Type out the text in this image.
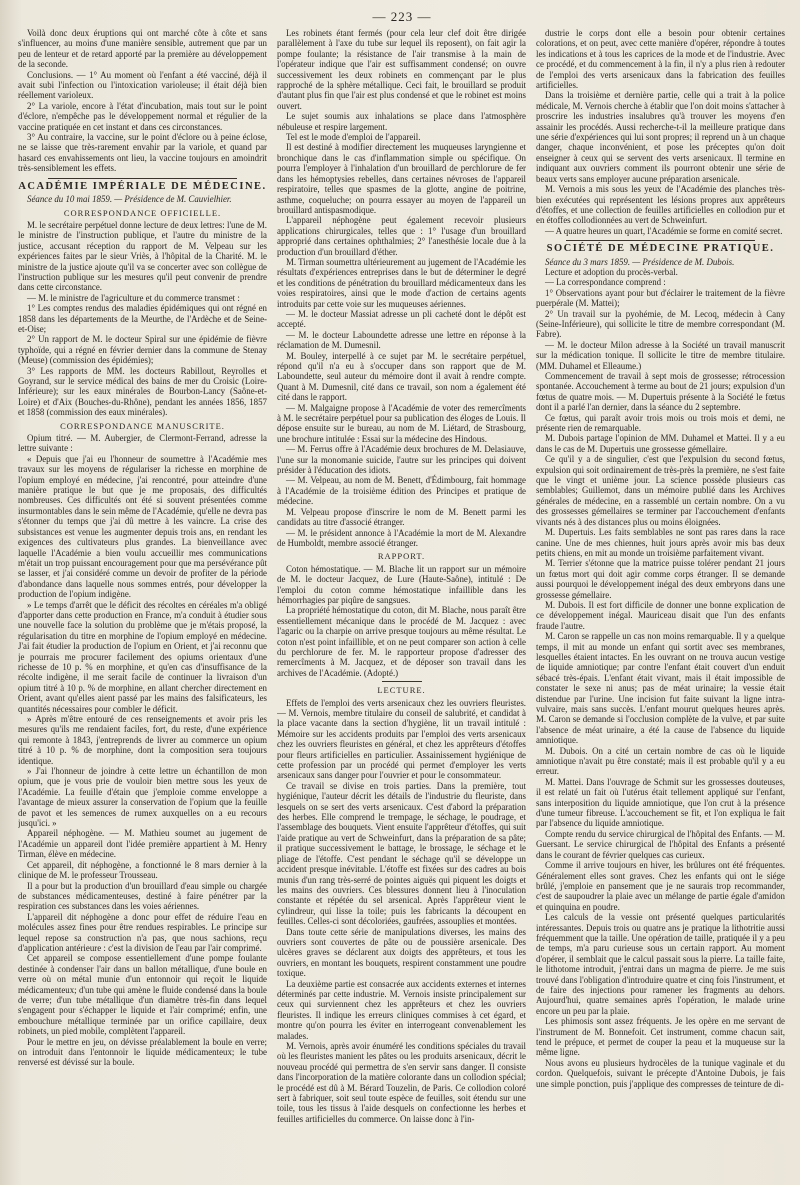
— 223 —

Voilà donc deux éruptions qui ont marché côte à côte et sans s'influencer, au moins d'une manière sensible, autrement que par un peu de lenteur et de retard apporté par la première au développement de la seconde.

Conclusions. — 1° Au moment où l'enfant a été vacciné, déjà il avait subi l'infection ou l'intoxication varioleuse; il était déjà bien réellement varioleux.

2° La variole, encore à l'état d'incubation, mais tout sur le point d'éclore, n'empêche pas le développement normal et régulier de la vaccine pratiquée en cet instant et dans ces circonstances.

3° Au contraire, la vaccine, sur le point d'éclore ou à peine éclose, ne se laisse que très-rarement envahir par la variole, et quand par hasard ces envahissements ont lieu, la vaccine toujours en amoindrit très-sensiblement les effets.

ACADÉMIE IMPÉRIALE DE MÉDECINE.

Séance du 10 mai 1859. — Présidence de M. Cauvielhier.

CORRESPONDANCE OFFICIELLE.

M. le secrétaire perpétuel donne lecture de deux lettres: l'une de M. le ministre de l'instruction publique, et l'autre du ministre de la justice, accusant réception du rapport de M. Velpeau sur les expériences faites par le sieur Vriès, à l'hôpital de la Charité. M. le ministre de la justice ajoute qu'il va se concerter avec son collègue de l'instruction publique sur les mesures qu'il peut convenir de prendre dans cette circonstance.

— M. le ministre de l'agriculture et du commerce transmet :

1° Les comptes rendus des maladies épidémiques qui ont régné en 1858 dans les départements de la Meurthe, de l'Ardèche et de Seine-et-Oise;

2° Un rapport de M. le docteur Spiral sur une épidémie de fièvre typhoïde, qui a régné en février dernier dans la commune de Stenay (Meuse) (commission des épidémies);

3° Les rapports de MM. les docteurs Rabillout, Reyrolles et Goyrand, sur le service médical des bains de mer du Croisic (Loire-Inférieure); sur les eaux minérales de Bourbon-Lancy (Saône-et-Loire) et d'Aix (Bouches-du-Rhône), pendant les années 1856, 1857 et 1858 (commission des eaux minérales).

CORRESPONDANCE MANUSCRITE.

Opium titré. — M. Aubergier, de Clermont-Ferrand, adresse la lettre suivante :

« Depuis que j'ai eu l'honneur de soumettre à l'Académie mes travaux sur les moyens de régulariser la richesse en morphine de l'opium employé en médecine, j'ai rencontré, pour atteindre d'une manière pratique le but que je me proposais, des difficultés nombreuses. Ces difficultés ont été si souvent présentées comme insurmontables dans le sein même de l'Académie, qu'elle ne devra pas s'étonner du temps que j'ai dû mettre à les vaincre. La crise des subsistances est venue les augmenter depuis trois ans, en rendant les exigences des cultivateurs plus grandes. La bienveillance avec laquelle l'Académie a bien voulu accueillir mes communications m'était un trop puissant encouragement pour que ma persévérance pût se lasser, et j'ai considéré comme un devoir de profiter de la période d'abondance dans laquelle nous sommes entrés, pour développer la production de l'opium indigène.

» Le temps d'arrêt que le déficit des récoltes en céréales m'a obligé d'apporter dans cette production en France, m'a conduit à étudier sous une nouvelle face la solution du problème que je m'étais proposé, la régularisation du titre en morphine de l'opium employé en médecine. J'ai fait étudier la production de l'opium en Orient, et j'ai reconnu que je pourrais me procurer facilement des opiums orientaux d'une richesse de 10 p. % en morphine, et qu'en cas d'insuffisance de la récolte indigène, il me serait facile de continuer la livraison d'un opium titré à 10 p. % de morphine, en allant chercher directement en Orient, avant qu'elles aient passé par les mains des falsificateurs, les quantités nécessaires pour combler le déficit.

» Après m'être entouré de ces renseignements et avoir pris les mesures qu'ils me rendaient faciles, fort, du reste, d'une expérience qui remonte à 1843, j'entreprends de livrer au commerce un opium titré à 10 p. % de morphine, dont la composition sera toujours identique.

» J'ai l'honneur de joindre à cette lettre un échantillon de mon opium, que je vous prie de vouloir bien mettre sous les yeux de l'Académie. La feuille d'étain que j'emploie comme enveloppe a l'avantage de mieux assurer la conservation de l'opium que la feuille de pavot et les semences de rumex auxquelles on a eu recours jusqu'ici. »

Appareil néphogène. — M. Mathieu soumet au jugement de l'Académie un appareil dont l'idée première appartient à M. Henry Tirman, élève en médecine.

Cet appareil, dit néphogène, a fonctionné le 8 mars dernier à la clinique de M. le professeur Trousseau.

Il a pour but la production d'un brouillard d'eau simple ou chargée de substances médicamenteuses, destiné à faire pénétrer par la respiration ces substances dans les voies aériennes.

L'appareil dit néphogène a donc pour effet de réduire l'eau en molécules assez fines pour être rendues respirables. Le principe sur lequel repose sa construction n'a pas, que nous sachions, reçu d'application antérieure : c'est la division de l'eau par l'air comprimé.

Cet appareil se compose essentiellement d'une pompe foulante destinée à condenser l'air dans un ballon métallique, d'une boule en verre où on métal munie d'un entonnoir qui reçoit le liquide médicamenteux; d'un tube qui amène le fluide condensé dans la boule de verre; d'un tube métallique d'un diamètre très-fin dans lequel s'engagent pour s'échapper le liquide et l'air comprimé; enfin, une embouchure métallique terminée par un orifice capillaire, deux robinets, un pied mobile, complètent l'appareil.

Pour le mettre en jeu, on dévisse préalablement la boule en verre; on introduit dans l'entonnoir le liquide médicamenteux; le tube renversé est dévissé sur la boule.

Les robinets étant fermés (pour cela leur clef doit être dirigée parallèlement à l'axe du tube sur lequel ils reposent), on fait agir la pompe foulante; la résistance de l'air transmise à la main de l'opérateur indique que l'air est suffisamment condensé; on ouvre successivement les deux robinets en commençant par le plus rapproché de la sphère métallique. Ceci fait, le brouillard se produit d'autant plus fin que l'air est plus condensé et que le robinet est moins ouvert.

Le sujet soumis aux inhalations se place dans l'atmosphère nébuleuse et respire largement.

Tel est le mode d'emploi de l'appareil.

Il est destiné à modifier directement les muqueuses laryngienne et bronchique dans le cas d'inflammation simple ou spécifique. On pourra l'employer à l'inhalation d'un brouillard de perchlorure de fer dans les hémoptysies rebelles, dans certaines névroses de l'appareil respiratoire, telles que spasmes de la glotte, angine de poitrine, asthme, coqueluche; on pourra essayer au moyen de l'appareil un brouillard antispasmodique.

L'appareil néphogène peut également recevoir plusieurs applications chirurgicales, telles que : 1° l'usage d'un brouillard approprié dans certaines ophthalmies; 2° l'anesthésie locale due à la production d'un brouillard d'éther.

M. Tirman soumettra ultérieurement au jugement de l'Académie les résultats d'expériences entreprises dans le but de déterminer le degré et les conditions de pénétration du brouillard médicamenteux dans les voies respiratoires, ainsi que le mode d'action de certains agents introduits par cette voie sur les muqueuses aériennes.

— M. le docteur Massiat adresse un pli cacheté dont le dépôt est accepté.

— M. le docteur Laboundette adresse une lettre en réponse à la réclamation de M. Dumesnil.

M. Bouley, interpellé à ce sujet par M. le secrétaire perpétuel, répond qu'il n'a eu à s'occuper dans son rapport que de M. Laboundette, seul auteur du mémoire dont il avait à rendre compte. Quant à M. Dumesnil, cité dans ce travail, son nom a également été cité dans le rapport.

— M. Malgaigne propose à l'Académie de voter des remercîments à M. le secrétaire perpétuel pour sa publication des éloges de Louis. Il dépose ensuite sur le bureau, au nom de M. Liétard, de Strasbourg, une brochure intitulée : Essai sur la médecine des Hindous.

— M. Ferrus offre à l'Académie deux brochures de M. Delasiauve, l'une sur la monomanie suicide, l'autre sur les principes qui doivent présider à l'éducation des idiots.

— M. Velpeau, au nom de M. Benett, d'Édimbourg, fait hommage à l'Académie de la troisième édition des Principes et pratique de médecine.

M. Velpeau propose d'inscrire le nom de M. Benett parmi les candidats au titre d'associé étranger.

— M. le président annonce à l'Académie la mort de M. Alexandre de Humboldt, membre associé étranger.

RAPPORT.

Coton hémostatique. — M. Blache lit un rapport sur un mémoire de M. le docteur Jacquez, de Lure (Haute-Saône), intitulé : De l'emploi du coton comme hémostatique infaillible dans les hémorrhagies par piqûre de sangsues.

La propriété hémostatique du coton, dit M. Blache, nous paraît être essentiellement mécanique dans le procédé de M. Jacquez : avec l'agaric ou la charpie on arrive presque toujours au même résultat. Le coton n'est point infaillible, et on ne peut comparer son action à celle du perchlorure de fer. M. le rapporteur propose d'adresser des remercîments à M. Jacquez, et de déposer son travail dans les archives de l'Académie. (Adopté.)

LECTURE.

Effets de l'emploi des verts arsenicaux chez les ouvriers fleuristes. — M. Vernois, membre titulaire du conseil de salubrité, et candidat à la place vacante dans la section d'hygiène, lit un travail intitulé : Mémoire sur les accidents produits par l'emploi des verts arsenicaux chez les ouvriers fleuristes en général, et chez les apprêteurs d'étoffes pour fleurs artificielles en particulier. Assainissement hygiénique de cette profession par un procédé qui permet d'employer les verts arsenicaux sans danger pour l'ouvrier et pour le consommateur.

Ce travail se divise en trois parties. Dans la première, tout hygiénique, l'auteur décrit les détails de l'industrie du fleuriste, dans lesquels on se sert des verts arsenicaux. C'est d'abord la préparation des herbes. Elle comprend le trempage, le séchage, le poudrage, et l'assemblage des bouquets. Vient ensuite l'apprêteur d'étoffes, qui suit l'aide pratique au vert de Schweinfurt, dans la préparation de sa pâte; il pratique successivement le battage, le brossage, le séchage et le pliage de l'étoffe. C'est pendant le séchage qu'il se développe un accident presque inévitable. L'étoffe est fixées sur des cadres au bois munis d'un rang très-serré de pointes aiguës qui piquent les doigts et les mains des ouvriers. Ces blessures donnent lieu à l'inoculation constante et répétée du sel arsenical. Après l'apprêteur vient le cylindreur, qui lisse la toile; puis les fabricants la découpent en feuilles. Celles-ci sont décoloriées, gaufrées, assouplies et montées.

Dans toute cette série de manipulations diverses, les mains des ouvriers sont couvertes de pâte ou de poussière arsenicale. Des ulcères graves se déclarent aux doigts des apprêteurs, et tous les ouvriers, en montant les bouquets, respirent constamment une poudre toxique.

La deuxième partie est consacrée aux accidents externes et internes déterminés par cette industrie. M. Vernois insiste principalement sur ceux qui surviennent chez les apprêteurs et chez les ouvriers fleuristes. Il indique les erreurs cliniques commises à cet égard, et montre qu'on pourra les éviter en interrogeant convenablement les malades.

M. Vernois, après avoir énuméré les conditions spéciales du travail où les fleuristes manient les pâtes ou les produits arsenicaux, décrit le nouveau procédé qui permettra de s'en servir sans danger. Il consiste dans l'incorporation de la matière colorante dans un collodion spécial; le procédé est dû à M. Bérard Touzelin, de Paris. Ce collodion coloré sert à fabriquer, soit seul toute espèce de feuilles, soit étendu sur une toile, tous les tissus à l'aide desquels on confectionne les herbes et feuilles artificielles du commerce. On laisse donc à l'in-

dustrie le corps dont elle a besoin pour obtenir certaines colorations, et on peut, avec cette manière d'opérer, répondre à toutes les indications et à tous les caprices de la mode et de l'industrie. Avec ce procédé, et du commencement à la fin, il n'y a plus rien à redouter de l'emploi des verts arsenicaux dans la fabrication des feuilles artificielles.

Dans la troisième et dernière partie, celle qui a trait à la police médicale, M. Vernois cherche à établir que l'on doit moins s'attacher à proscrire les industries insalubres qu'à trouver les moyens d'en assainir les procédés. Aussi recherche-t-il la meilleure pratique dans une série d'expériences qui lui sont propres; il reprend un à un chaque danger, chaque inconvénient, et pose les préceptes qu'on doit enseigner à ceux qui se servent des verts arsenicaux. Il termine en indiquant aux ouvriers comment ils pourront obtenir une série de beaux verts sans employer aucune préparation arsenicale.

M. Vernois a mis sous les yeux de l'Académie des planches très-bien exécutées qui représentent les lésions propres aux apprêteurs d'étoffes, et une collection de feuilles artificielles en collodion pur et en étoffes collodionnées au vert de Schweinfurt.

— A quatre heures un quart, l'Académie se forme en comité secret.

SOCIÉTÉ DE MÉDECINE PRATIQUE.

Séance du 3 mars 1859. — Présidence de M. Dubois.

Lecture et adoption du procès-verbal.

— La correspondance comprend :

1° Observations ayant pour but d'éclairer le traitement de la fièvre puerpérale (M. Mattei);

2° Un travail sur la pyohémie, de M. Lecoq, médecin à Cany (Seine-Inférieure), qui sollicite le titre de membre correspondant (M. Fabre).

— M. le docteur Milon adresse à la Société un travail manuscrit sur la médication tonique. Il sollicite le titre de membre titulaire. (MM. Duhamel et Elleaume.)

Commencement de travail à sept mois de grossesse; rétrocession spontanée. Accouchement à terme au bout de 21 jours; expulsion d'un fœtus de quatre mois. — M. Dupertuis présente à la Société le fœtus dont il a parlé l'an dernier, dans la séance du 2 septembre.

Ce fœtus, qui paraît avoir trois mois ou trois mois et demi, ne présente rien de remarquable.

M. Dubois partage l'opinion de MM. Duhamel et Mattei. Il y a eu dans le cas de M. Dupertuis une grossesse gémellaire.

Ce qu'il y a de singulier, c'est que l'expulsion du second fœtus, expulsion qui soit ordinairement de très-près la première, ne s'est faite que le vingt et unième jour. La science possède plusieurs cas semblables; Guillemot, dans un mémoire publié dans les Archives générales de médecine, en a rassemblé un certain nombre. On a vu des grossesses gémellaires se terminer par l'accouchement d'enfants vivants nés à des distances plus ou moins éloignées.

M. Dupertuis. Les faits semblables ne sont pas rares dans la race canine. Une de mes chiennes, huit jours après avoir mis bas deux petits chiens, en mit au monde un troisième parfaitement vivant.

M. Terrier s'étonne que la matrice puisse tolérer pendant 21 jours un fœtus mort qui doit agir comme corps étranger. Il se demande aussi pourquoi le développement inégal des deux embryons dans une grossesse gémellaire.

M. Dubois. Il est fort difficile de donner une bonne explication de ce développement inégal. Mauriceau disait que l'un des enfants fraude l'autre.

M. Caron se rappelle un cas non moins remarquable. Il y a quelque temps, il mit au monde un enfant qui sortit avec ses membranes, lesquelles étaient intactes. En les ouvrant on ne trouva aucun vestige de liquide amniotique; par contre l'enfant était couvert d'un enduit sébacé très-épais. L'enfant était vivant, mais il était impossible de constater le sexe ni anus; pas de méat urinaire; la vessie était distendue par l'urine. Une incision fut faite suivant la ligne intra-vulvaire, mais sans succès. L'enfant mourut quelques heures après. M. Caron se demande si l'occlusion complète de la vulve, et par suite l'absence de méat urinaire, a été la cause de l'absence du liquide amniotique.

M. Dubois. On a cité un certain nombre de cas où le liquide amniotique n'avait pu être constaté; mais il est probable qu'il y a eu erreur.

M. Mattei. Dans l'ouvrage de Schmit sur les grossesses douteuses, il est relaté un fait où l'utérus était tellement appliqué sur l'enfant, sans interposition du liquide amniotique, que l'on crut à la présence d'une tumeur fibreuse. L'accouchement se fit, et l'on expliqua le fait par l'absence du liquide amniotique.

Compte rendu du service chirurgical de l'hôpital des Enfants. — M. Guersant. Le service chirurgical de l'hôpital des Enfants a présenté dans le courant de février quelques cas curieux.

Comme il arrive toujours en hiver, les brûlures ont été fréquentes. Généralement elles sont graves. Chez les enfants qui ont le siége brûlé, j'emploie en pansement que je ne saurais trop recommander, c'est de saupoudrer la plaie avec un mélange de partie égale d'amidon et quinquina en poudre.

Les calculs de la vessie ont présenté quelques particularités intéressantes. Depuis trois ou quatre ans je pratique la lithotritie aussi fréquemment que la taille. Une opération de taille, pratiquée il y a peu de temps, m'a paru curieuse sous un certain rapport. Au moment d'opérer, il semblait que le calcul passait sous la pierre. La taille faite, le lithotome introduit, j'entrai dans un magma de pierre. Je me suis trouvé dans l'obligation d'introduire quatre et cinq fois l'instrument, et de faire des injections pour ramener les fragments au dehors. Aujourd'hui, quatre semaines après l'opération, le malade urine encore un peu par la plaie.

Les phimosis sont assez fréquents. Je les opère en me servant de l'instrument de M. Bonnefoit. Cet instrument, comme chacun sait, tend le prépuce, et permet de couper la peau et la muqueuse sur la même ligne.

Nous avons eu plusieurs hydrocèles de la tunique vaginale et du cordon. Quelquefois, suivant le précepte d'Antoine Dubois, je fais une simple ponction, puis j'applique des compresses de teinture de di-
